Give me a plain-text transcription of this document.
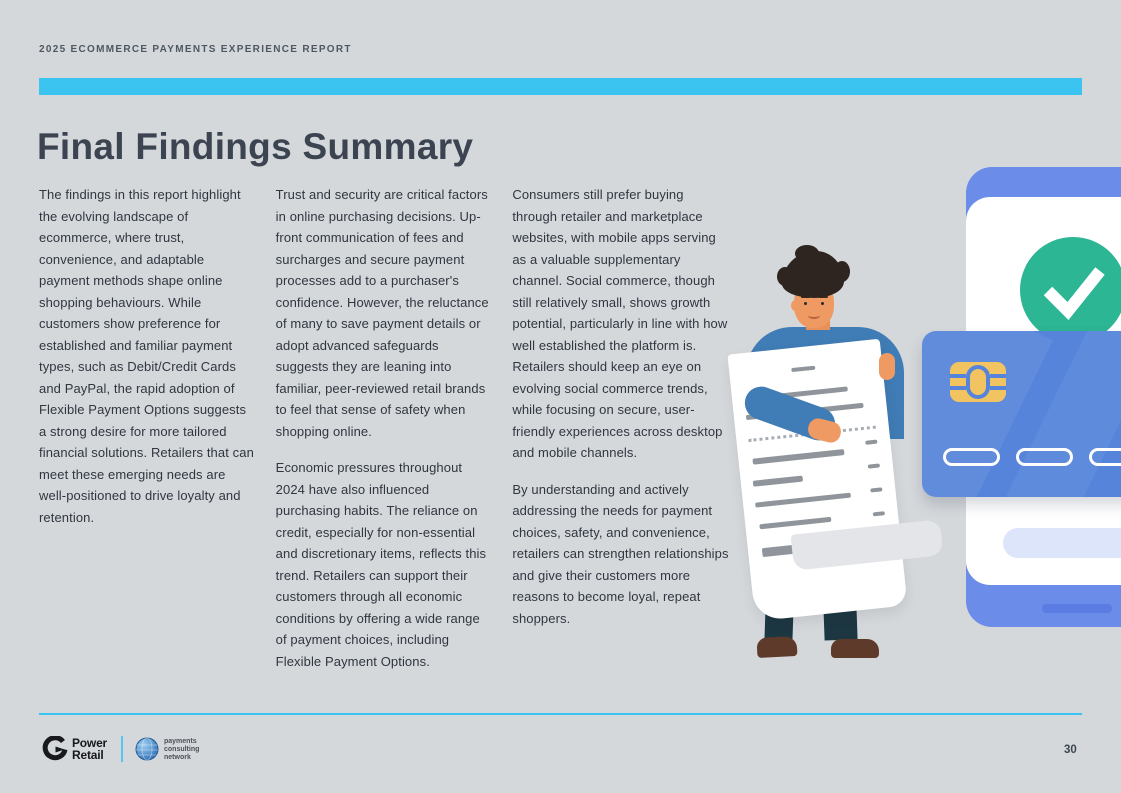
2025 ECOMMERCE PAYMENTS EXPERIENCE REPORT
Final Findings Summary

The findings in this report highlight the evolving landscape of ecommerce, where trust, convenience, and adaptable payment methods shape online shopping behaviours. While customers show preference for established and familiar payment types, such as Debit/Credit Cards and PayPal, the rapid adoption of Flexible Payment Options suggests a strong desire for more tailored financial solutions. Retailers that can meet these emerging needs are well-positioned to drive loyalty and retention.

Trust and security are critical factors in online purchasing decisions. Up-front communication of fees and surcharges and secure payment processes add to a purchaser's confidence. However, the reluctance of many to save payment details or adopt advanced safeguards suggests they are leaning into familiar, peer-reviewed retail brands to feel that sense of safety when shopping online.

Economic pressures throughout 2024 have also influenced purchasing habits. The reliance on credit, especially for non-essential and discretionary items, reflects this trend. Retailers can support their customers through all economic conditions by offering a wide range of payment choices, including Flexible Payment Options.

Consumers still prefer buying through retailer and marketplace websites, with mobile apps serving as a valuable supplementary channel. Social commerce, though still relatively small, shows growth potential, particularly in line with how well established the platform is. Retailers should keep an eye on evolving social commerce trends, while focusing on secure, user-friendly experiences across desktop and mobile channels.

By understanding and actively addressing the needs for payment choices, safety, and convenience, retailers can strengthen relationships and give their customers more reasons to become loyal, repeat shoppers.

Power
Retail
payments
consulting
network
30
